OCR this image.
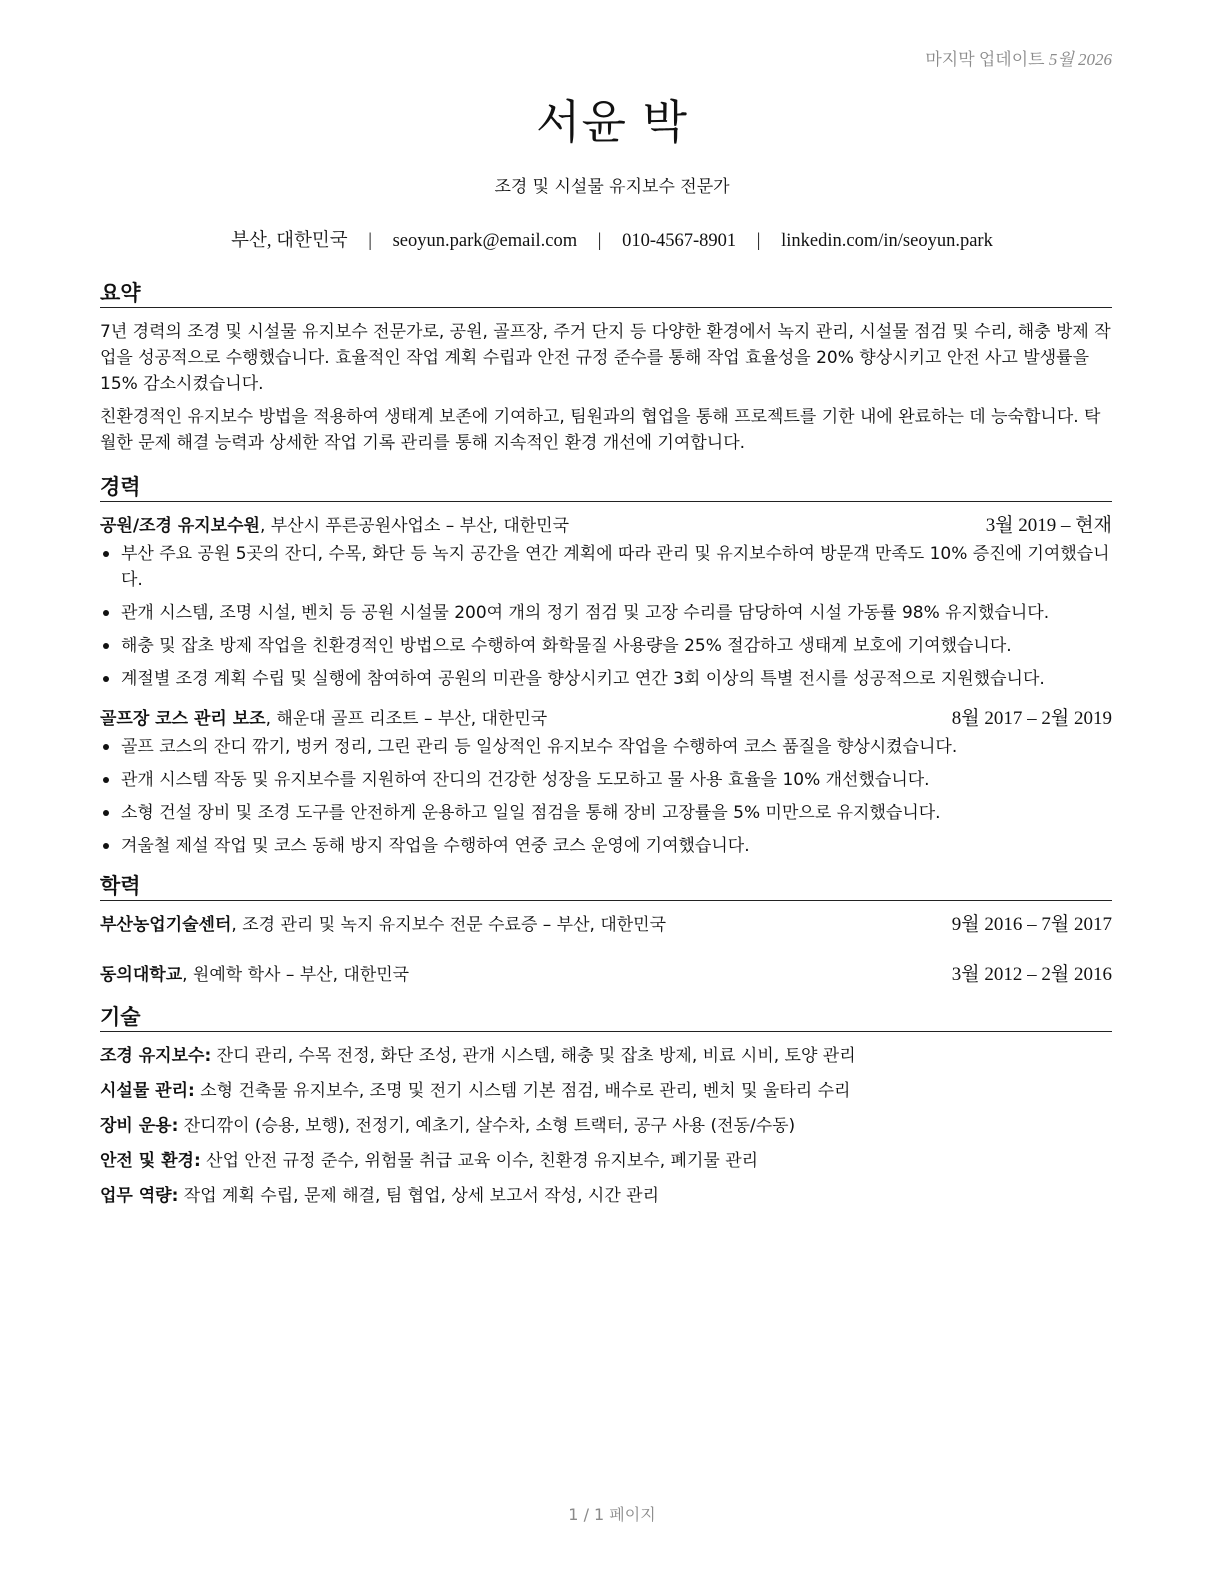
마지막 업데이트 5월 2026
서윤 박
조경 및 시설물 유지보수 전문가
부산, 대한민국 | seoyun.park@email.com | 010-4567-8901 | linkedin.com/in/seoyun.park
요약

7년 경력의 조경 및 시설물 유지보수 전문가로, 공원, 골프장, 주거 단지 등 다양한 환경에서 녹지 관리, 시설물 점검 및 수리, 해충 방제 작업을 성공적으로 수행했습니다. 효율적인 작업 계획 수립과 안전 규정 준수를 통해 작업 효율성을 20% 향상시키고 안전 사고 발생률을 15% 감소시켰습니다.

친환경적인 유지보수 방법을 적용하여 생태계 보존에 기여하고, 팀원과의 협업을 통해 프로젝트를 기한 내에 완료하는 데 능숙합니다. 탁월한 문제 해결 능력과 상세한 작업 기록 관리를 통해 지속적인 환경 개선에 기여합니다.

경력
공원/조경 유지보수원, 부산시 푸른공원사업소 – 부산, 대한민국	3월 2019 – 현재
부산 주요 공원 5곳의 잔디, 수목, 화단 등 녹지 공간을 연간 계획에 따라 관리 및 유지보수하여 방문객 만족도 10% 증진에 기여했습니다.
관개 시스템, 조명 시설, 벤치 등 공원 시설물 200여 개의 정기 점검 및 고장 수리를 담당하여 시설 가동률 98% 유지했습니다.
해충 및 잡초 방제 작업을 친환경적인 방법으로 수행하여 화학물질 사용량을 25% 절감하고 생태계 보호에 기여했습니다.
계절별 조경 계획 수립 및 실행에 참여하여 공원의 미관을 향상시키고 연간 3회 이상의 특별 전시를 성공적으로 지원했습니다.
골프장 코스 관리 보조, 해운대 골프 리조트 – 부산, 대한민국	8월 2017 – 2월 2019
골프 코스의 잔디 깎기, 벙커 정리, 그린 관리 등 일상적인 유지보수 작업을 수행하여 코스 품질을 향상시켰습니다.
관개 시스템 작동 및 유지보수를 지원하여 잔디의 건강한 성장을 도모하고 물 사용 효율을 10% 개선했습니다.
소형 건설 장비 및 조경 도구를 안전하게 운용하고 일일 점검을 통해 장비 고장률을 5% 미만으로 유지했습니다.
겨울철 제설 작업 및 코스 동해 방지 작업을 수행하여 연중 코스 운영에 기여했습니다.
학력
부산농업기술센터, 조경 관리 및 녹지 유지보수 전문 수료증 – 부산, 대한민국	9월 2016 – 7월 2017
동의대학교, 원예학 학사 – 부산, 대한민국	3월 2012 – 2월 2016
기술
조경 유지보수: 잔디 관리, 수목 전정, 화단 조성, 관개 시스템, 해충 및 잡초 방제, 비료 시비, 토양 관리
시설물 관리: 소형 건축물 유지보수, 조명 및 전기 시스템 기본 점검, 배수로 관리, 벤치 및 울타리 수리
장비 운용: 잔디깎이 (승용, 보행), 전정기, 예초기, 살수차, 소형 트랙터, 공구 사용 (전동/수동)
안전 및 환경: 산업 안전 규정 준수, 위험물 취급 교육 이수, 친환경 유지보수, 폐기물 관리
업무 역량: 작업 계획 수립, 문제 해결, 팀 협업, 상세 보고서 작성, 시간 관리
1 / 1 페이지
